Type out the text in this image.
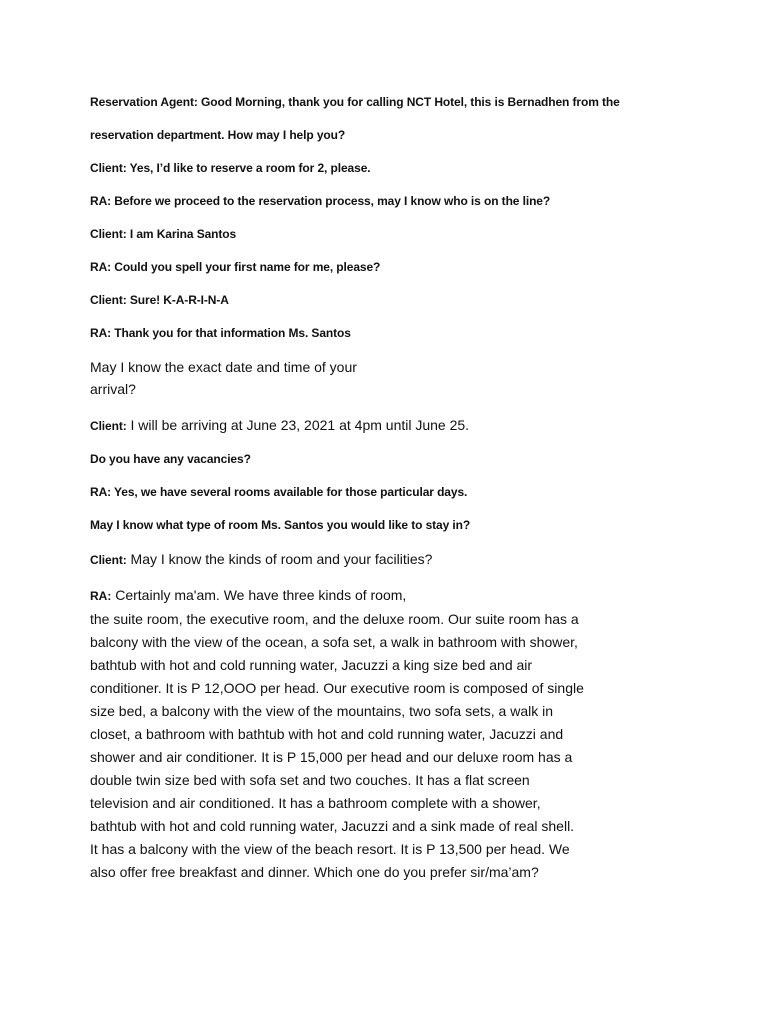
Reservation Agent: Good Morning, thank you for calling NCT Hotel, this is Bernadhen from the
reservation department. How may I help you?
Client: Yes, I’d like to reserve a room for 2, please.
RA: Before we proceed to the reservation process, may I know who is on the line?
Client: I am Karina Santos
RA: Could you spell your first name for me, please?
Client: Sure! K-A-R-I-N-A
RA: Thank you for that information Ms. Santos
May I know the exact date and time of your
arrival?
Client: I will be arriving at June 23, 2021 at 4pm until June 25.
Do you have any vacancies?
RA: Yes, we have several rooms available for those particular days.
May I know what type of room Ms. Santos you would like to stay in?
Client: May I know the kinds of room and your facilities?
RA: Certainly ma'am. We have three kinds of room,
the suite room, the executive room, and the deluxe room. Our suite room has a
balcony with the view of the ocean, a sofa set, a walk in bathroom with shower,
bathtub with hot and cold running water, Jacuzzi a king size bed and air
conditioner. It is P 12,OOO per head. Our executive room is composed of single
size bed, a balcony with the view of the mountains, two sofa sets, a walk in
closet, a bathroom with bathtub with hot and cold running water, Jacuzzi and
shower and air conditioner. It is P 15,000 per head and our deluxe room has a
double twin size bed with sofa set and two couches. It has a flat screen
television and air conditioned. It has a bathroom complete with a shower,
bathtub with hot and cold running water, Jacuzzi and a sink made of real shell.
It has a balcony with the view of the beach resort. It is P 13,500 per head. We
also offer free breakfast and dinner. Which one do you prefer sir/ma’am?
